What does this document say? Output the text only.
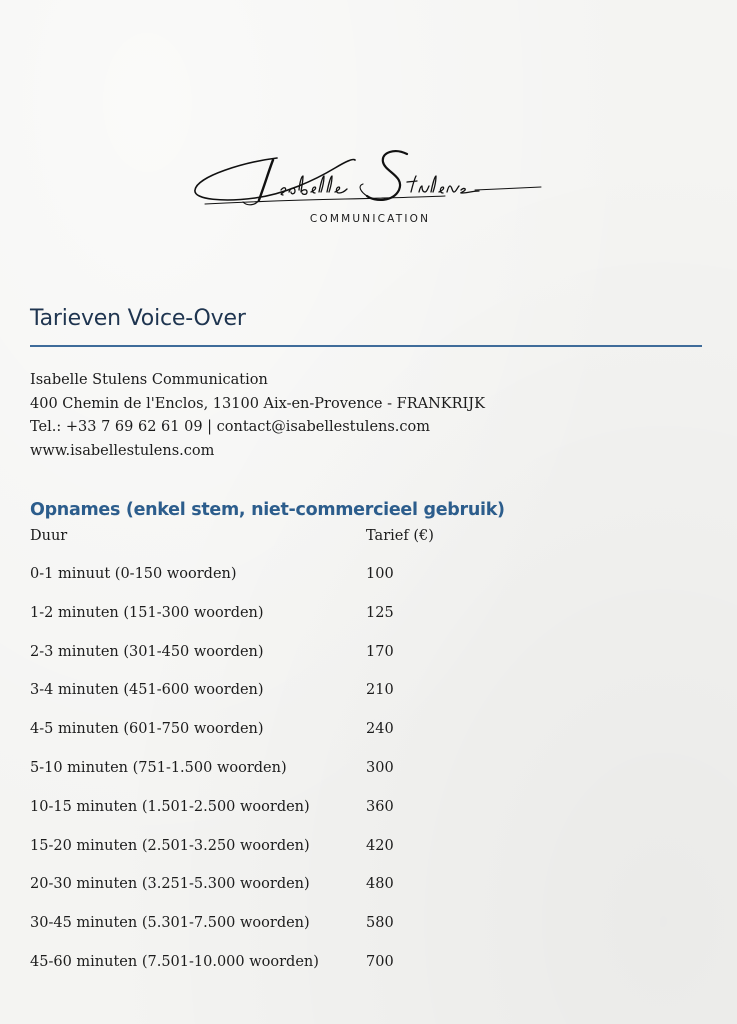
COMMUNICATION
Tarieven Voice-Over
Isabelle Stulens Communication
400 Chemin de l'Enclos, 13100 Aix-en-Provence - FRANKRIJK
Tel.: +33 7 69 62 61 09 | contact@isabellestulens.com
www.isabellestulens.com
Opnames (enkel stem, niet-commercieel gebruik)
Duur	Tarief (€)
0-1 minuut (0-150 woorden)	100
1-2 minuten (151-300 woorden)	125
2-3 minuten (301-450 woorden)	170
3-4 minuten (451-600 woorden)	210
4-5 minuten (601-750 woorden)	240
5-10 minuten (751-1.500 woorden)	300
10-15 minuten (1.501-2.500 woorden)	360
15-20 minuten (2.501-3.250 woorden)	420
20-30 minuten (3.251-5.300 woorden)	480
30-45 minuten (5.301-7.500 woorden)	580
45-60 minuten (7.501-10.000 woorden)	700
